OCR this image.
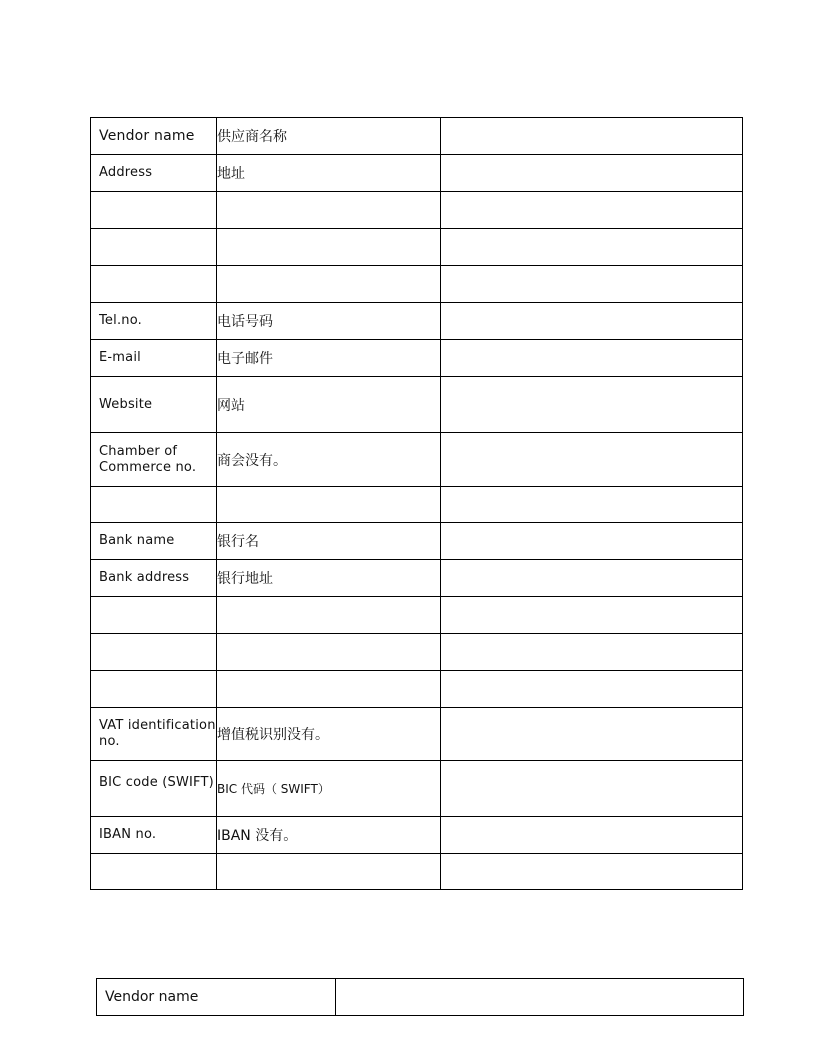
Vendor name	供应商名称	
Address	地址	

Tel.no.	电话号码	
E-mail	电子邮件	
Website	网站	
Chamber of Commerce no.	商会没有。	

Bank name	银行名	
Bank address	银行地址	

VAT identification no.	增值税识别没有。	
BIC code (SWIFT)	BIC 代码（ SWIFT）	
IBAN no.	IBAN 没有。	

Vendor name	
